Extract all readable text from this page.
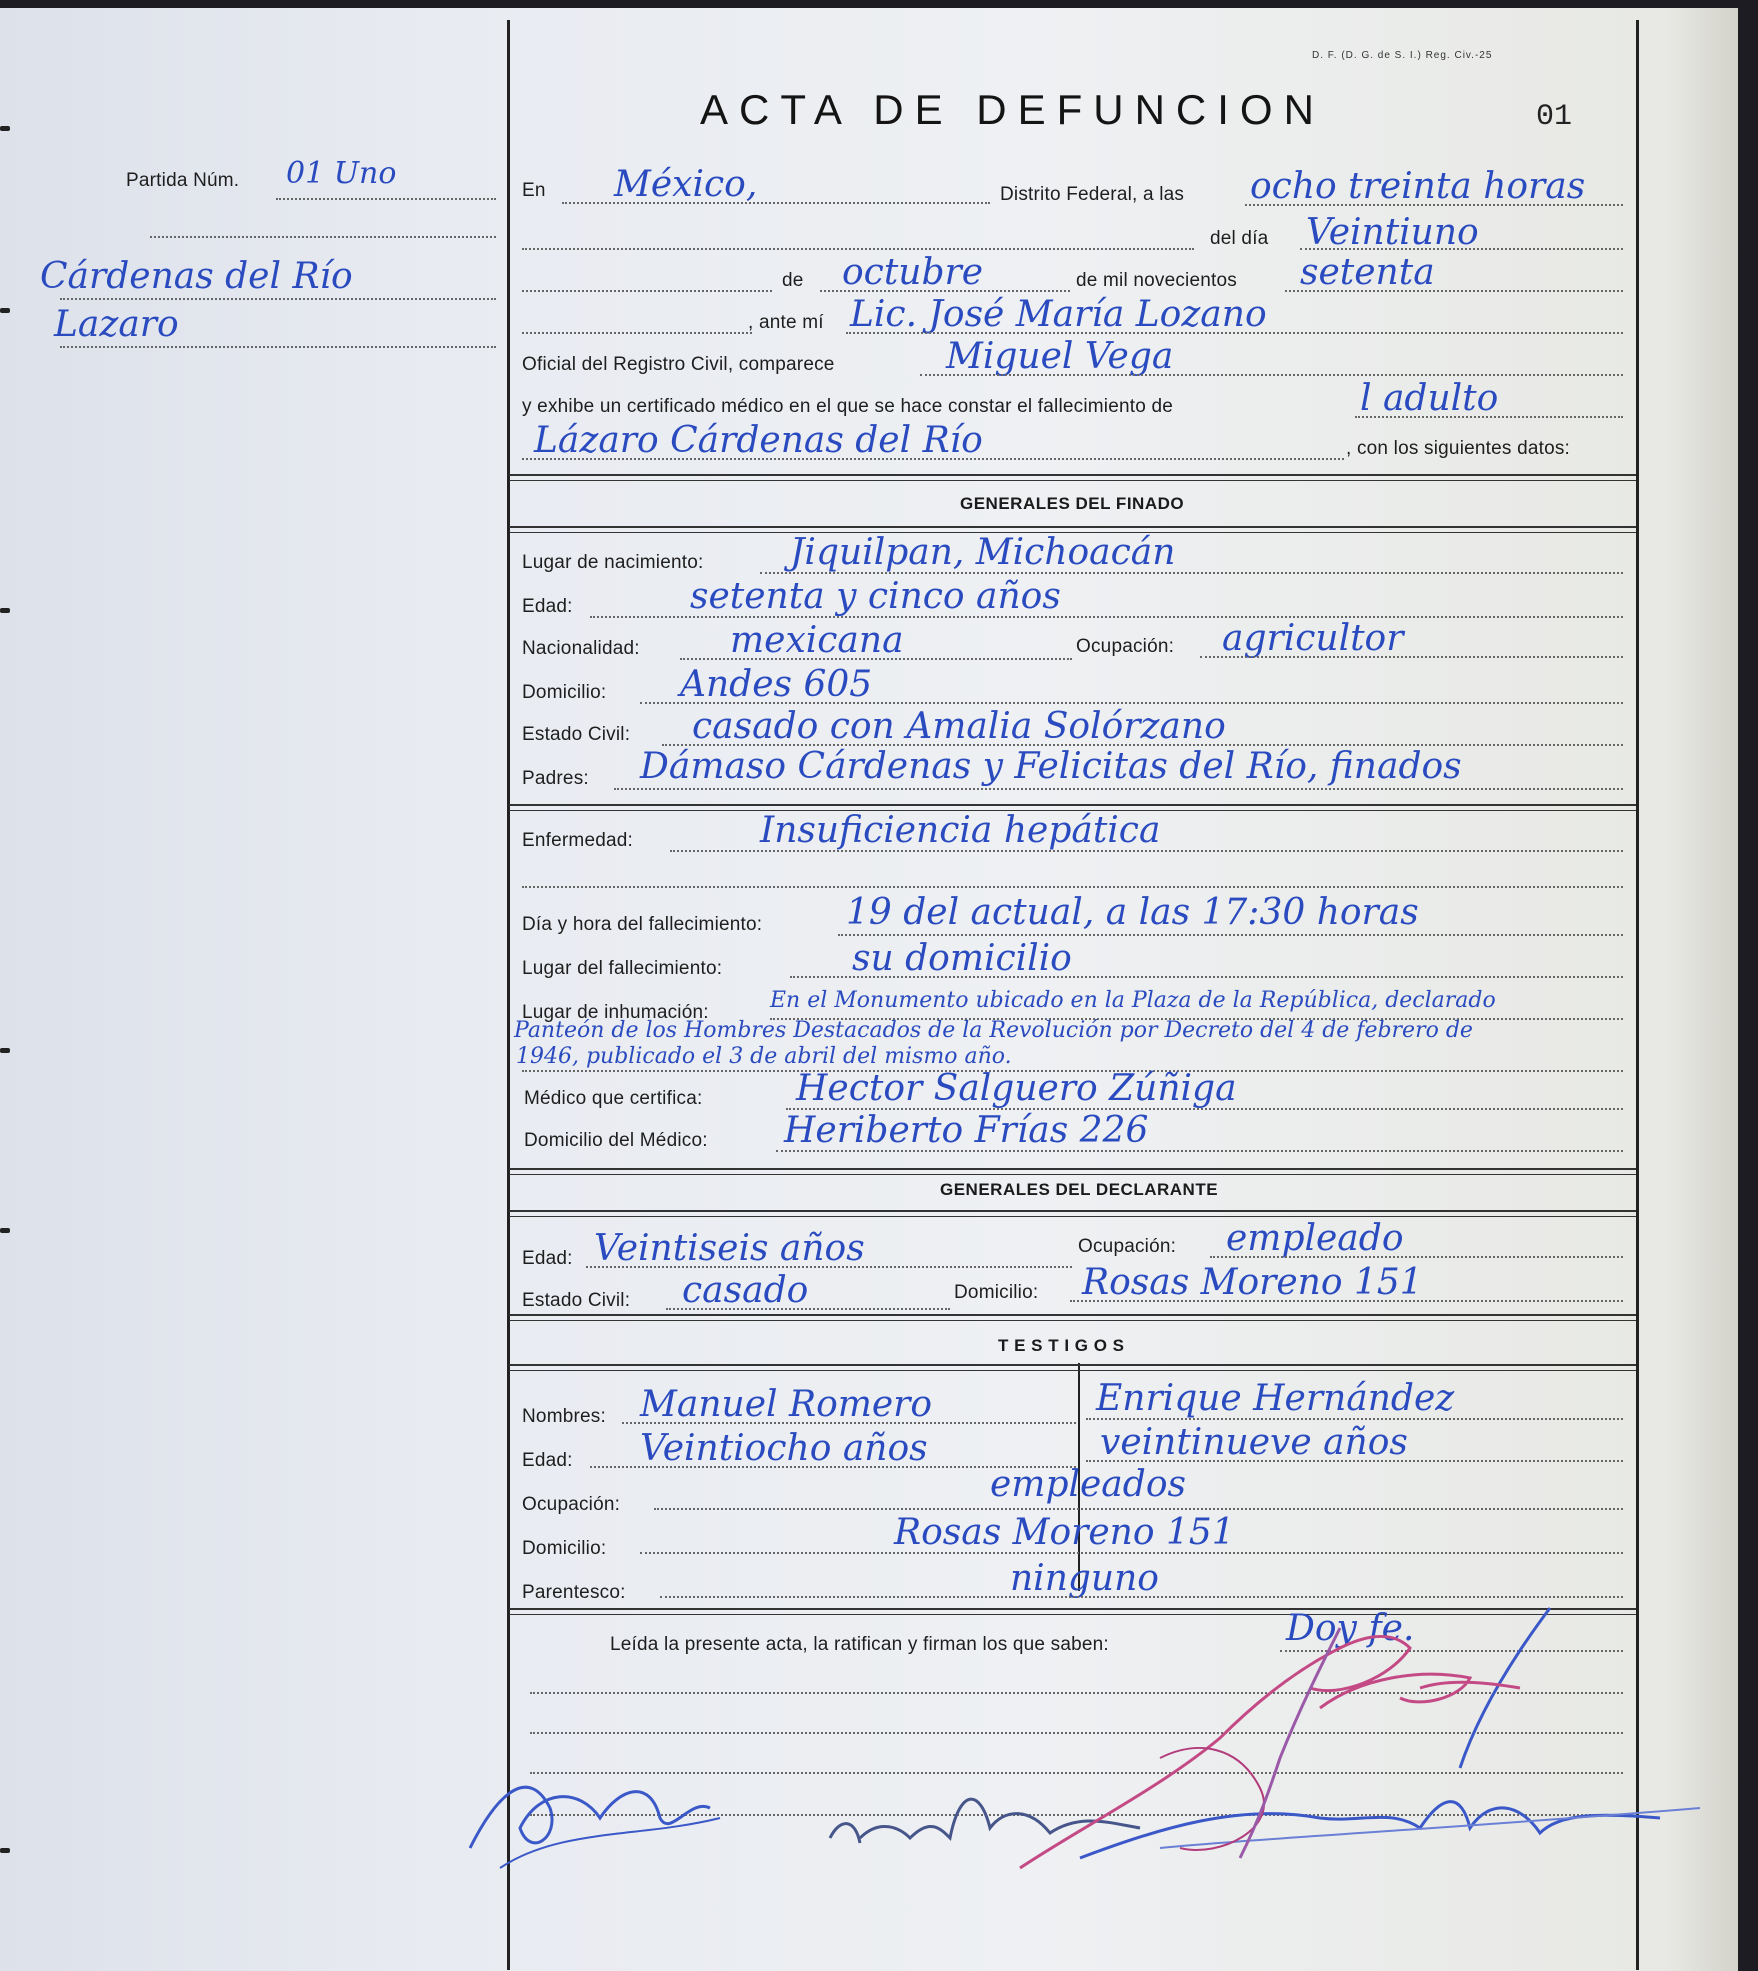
D. F. (D. G. de S. I.) Reg. Civ.-25
ACTA DE DEFUNCION	01
Partida Núm. 01 Uno
Cárdenas del Río
Lazaro
En México,	Distrito Federal, a las ocho treinta horas
del día Veintiuno
de octubre	de mil novecientos setenta
, ante mí Lic. José María Lozano
Oficial del Registro Civil, comparece	Miguel Vega
y exhibe un certificado médico en el que se hace constar el fallecimiento de	l adulto
Lázaro Cárdenas del Río	, con los siguientes datos:
GENERALES DEL FINADO
Lugar de nacimiento: Jiquilpan, Michoacán
Edad:	setenta y cinco años
Nacionalidad:	mexicana	Ocupación: agricultor
Domicilio: Andes 605
Estado Civil: casado con Amalia Solórzano
Padres: Dámaso Cárdenas y Felicitas del Río, finados
Enfermedad:	Insuficiencia hepática
Día y hora del fallecimiento: 19 del actual, a las 17:30 horas
Lugar del fallecimiento:	su domicilio
Lugar de inhumación:	En el Monumento ubicado en la Plaza de la República, declarado
Panteón de los Hombres Destacados de la Revolución por Decreto del 4 de febrero de
1946, publicado el 3 de abril del mismo año.
Médico que certifica:	Hector Salguero Zúñiga
Domicilio del Médico: Heriberto Frías 226
GENERALES DEL DECLARANTE
Edad: Veintiseis años	Ocupación: empleado
Estado Civil: casado	Domicilio: Rosas Moreno 151
T E S T I G O S
Nombres: Manuel Romero	Enrique Hernández
Edad: Veintiocho años	veintinueve años
Ocupación:	empleados
Domicilio:	Rosas Moreno 151
Parentesco:	ninguno
Leída la presente acta, la ratifican y firman los que saben:	Doy fe.
